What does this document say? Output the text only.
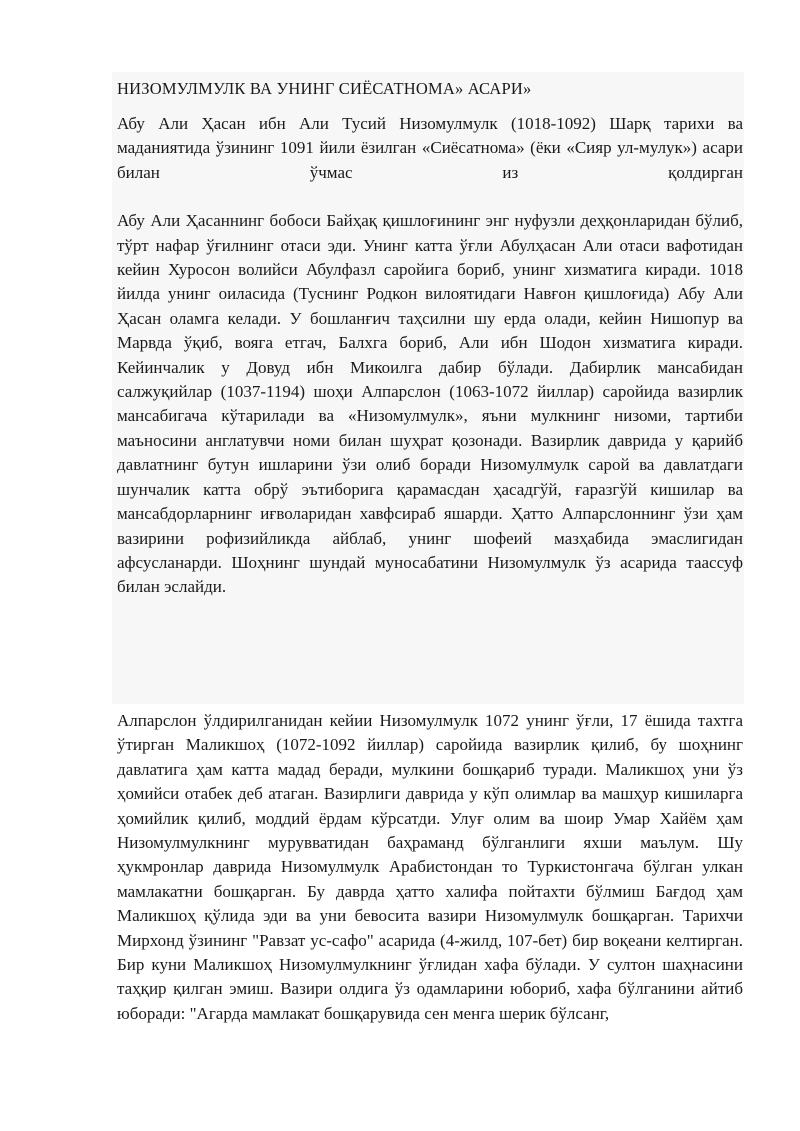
НИЗОМУЛМУЛК ВА УНИНГ СИЁСАТНОМА» АСАРИ»

Абу Али Ҳасан ибн Али Тусий Низомулмулк (1018-1092) Шарқ тарихи ва маданиятида ўзининг 1091 йили ёзилган «Сиёсатнома» (ёки «Сияр ул-мулук») асари билан ўчмас из қолдирган

Абу Али Ҳасаннинг бобоси Байҳақ қишлоғининг энг нуфузли деҳқонларидан бўлиб, тўрт нафар ўғилнинг отаси эди. Унинг катта ўғли Абулҳасан Али отаси вафотидан кейин Хуросон волийси Абулфазл саройига бориб, унинг хизматига киради. 1018 йилда унинг оиласида (Туснинг Родкон вилоятидаги Навғон қишлоғида) Абу Али Ҳасан оламга келади. У бошланғич таҳсилни шу ерда олади, кейин Нишопур ва Марвда ўқиб, вояга етгач, Балхга бориб, Али ибн Шодон хизматига киради. Кейинчалик у Довуд ибн Микоилга дабир бўлади. Дабирлик мансабидан салжуқийлар (1037-1194) шоҳи Алпарслон (1063-1072 йиллар) саройида вазирлик мансабигача кўтарилади ва «Низомулмулк», яъни мулкнинг низоми, тартиби маъносини англатувчи номи билан шуҳрат қозонади. Вазирлик даврида у қарийб давлатнинг бутун ишларини ўзи олиб боради Низомулмулк сарой ва давлатдаги шунчалик катта обрў эътиборига қарамасдан ҳасадгўй, ғаразгўй кишилар ва мансабдорларнинг иғволаридан хавфсираб яшарди. Ҳатто Алпарслоннинг ўзи ҳам вазирини рофизийликда айблаб, унинг шофеий мазҳабида эмаслигидан афсусланарди. Шоҳнинг шундай муносабатини Низомулмулк ўз асарида таассуф билан эслайди.

Алпарслон ўлдирилганидан кейии Низомулмулк 1072 унинг ўғли, 17 ёшида тахтга ўтирган Маликшоҳ (1072-1092 йиллар) саройида вазирлик қилиб, бу шоҳнинг давлатига ҳам катта мадад беради, мулкини бошқариб туради. Маликшоҳ уни ўз ҳомийси отабек деб атаган. Вазирлиги даврида у кўп олимлар ва машҳур кишиларга ҳомийлик қилиб, моддий ёрдам кўрсатди. Улуғ олим ва шоир Умар Хайём ҳам Низомулмулкнинг мурувватидан баҳраманд бўлганлиги яхши маълум. Шу ҳукмронлар даврида Низомулмулк Арабистондан то Туркистонгача бўлган улкан мамлакатни бошқарган. Бу даврда ҳатто халифа пойтахти бўлмиш Бағдод ҳам Маликшоҳ қўлида эди ва уни бевосита вазири Низомулмулк бошқарган. Тарихчи Мирхонд ўзининг "Равзат ус-сафо" асарида (4-жилд, 107-бет) бир воқеани келтирган. Бир куни Маликшоҳ Низомулмулкнинг ўғлидан хафа бўлади. У султон шаҳнасини таҳқир қилган эмиш. Вазири олдига ўз одамларини юбориб, хафа бўлганини айтиб юборади: "Агарда мамлакат бошқарувида сен менга шерик бўлсанг,
